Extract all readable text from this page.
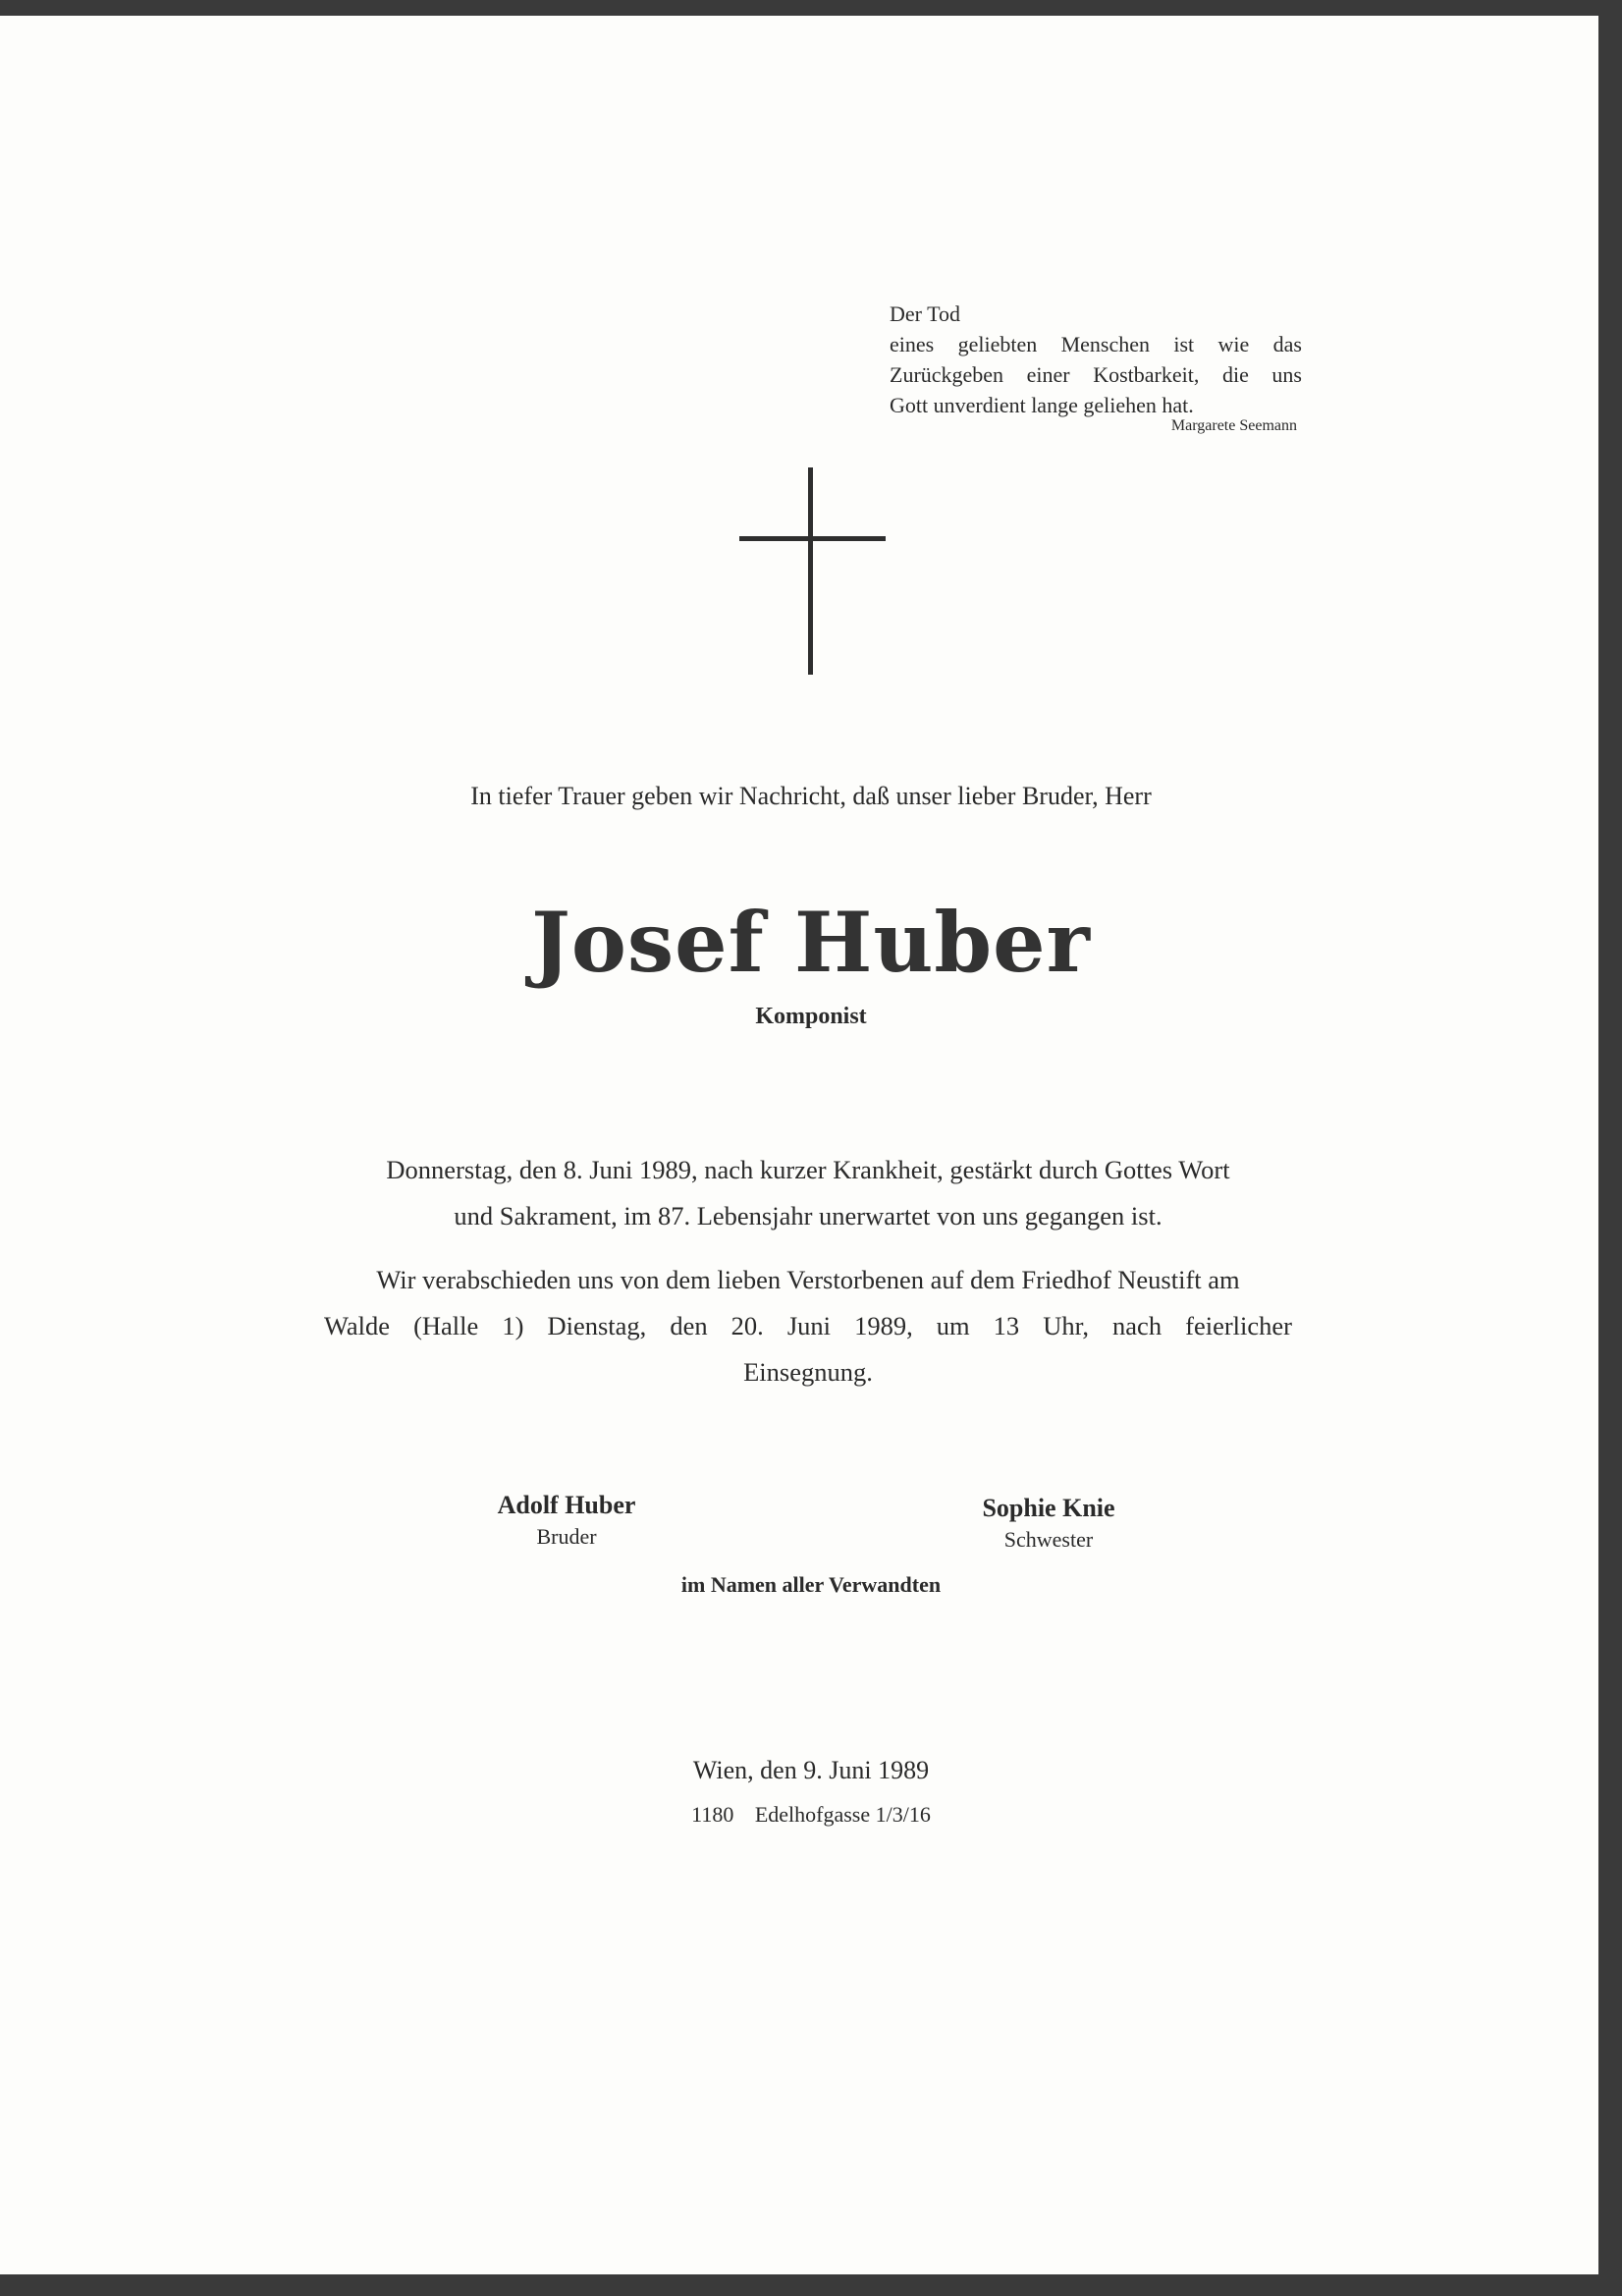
Der Tod
eines geliebten Menschen ist wie das
Zurückgeben einer Kostbarkeit, die uns
Gott unverdient lange geliehen hat.
Margarete Seemann
In tiefer Trauer geben wir Nachricht, daß unser lieber Bruder, Herr
Josef Huber
Komponist
Donnerstag, den 8. Juni 1989, nach kurzer Krankheit, gestärkt durch Gottes Wort
und Sakrament, im 87. Lebensjahr unerwartet von uns gegangen ist.
Wir verabschieden uns von dem lieben Verstorbenen auf dem Friedhof Neustift am
Walde (Halle 1) Dienstag, den 20. Juni 1989, um 13 Uhr, nach feierlicher
Einsegnung.
Adolf Huber
Bruder
Sophie Knie
Schwester
im Namen aller Verwandten
Wien, den 9. Juni 1989
1180 Edelhofgasse 1/3/16
